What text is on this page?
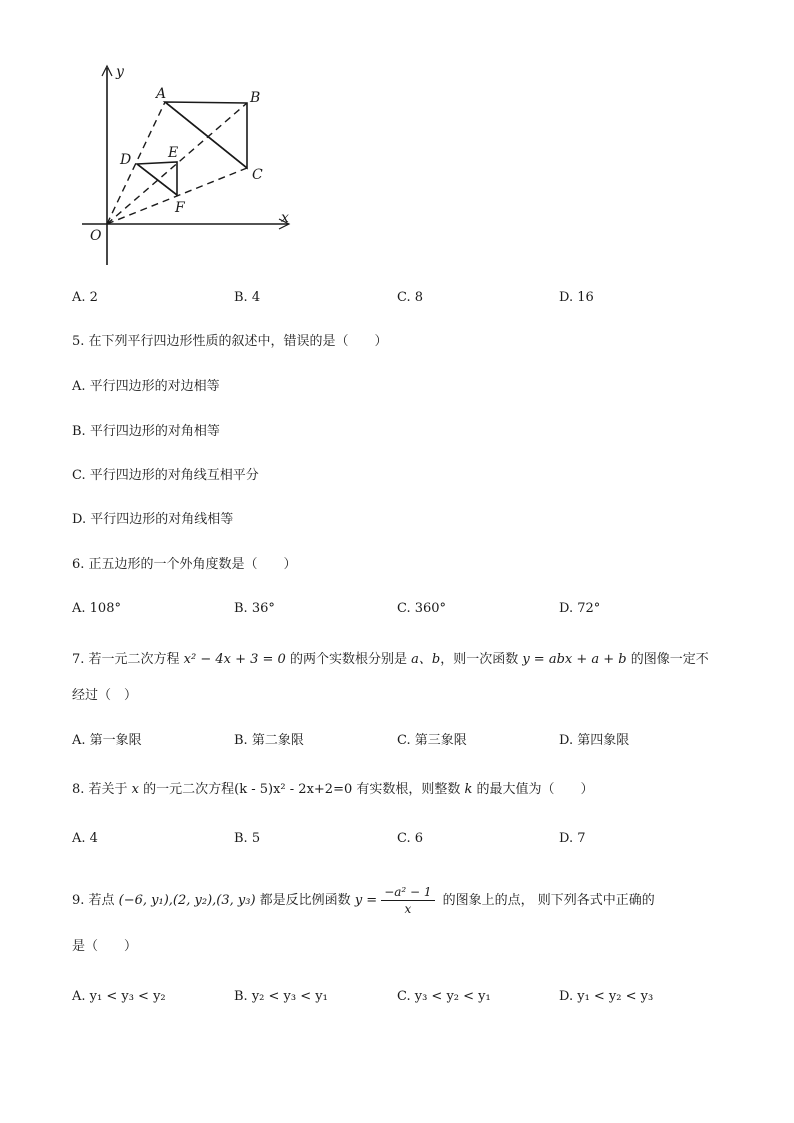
y
x
O
A	B
C
D	E
F
A. 2	B. 4	C. 8	D. 16
5. 在下列平行四边形性质的叙述中，错误的是（　　）
A. 平行四边形的对边相等
B. 平行四边形的对角相等
C. 平行四边形的对角线互相平分
D. 平行四边形的对角线相等
6. 正五边形的一个外角度数是（　　）
A. 108°	B. 36°	C. 360°	D. 72°
7. 若一元二次方程 x² − 4x + 3 = 0 的两个实数根分别是 a、b，则一次函数 y = abx + a + b 的图像一定不
经过（　）
A. 第一象限	B. 第二象限	C. 第三象限	D. 第四象限
8. 若关于 x 的一元二次方程(k - 5)x² - 2x+2=0 有实数根，则整数 k 的最大值为（　　）
A. 4	B. 5	C. 6	D. 7
9. 若点 (−6, y₁),(2, y₂),(3, y₃) 都是反比例函数 $y = \frac{\text{−a² − 1}}{x}$ 的图象上的点， 则下列各式中正确的
是（　　）
A. y₁ < y₃ < y₂	B. y₂ < y₃ < y₁	C. y₃ < y₂ < y₁	D. y₁ < y₂ < y₃
